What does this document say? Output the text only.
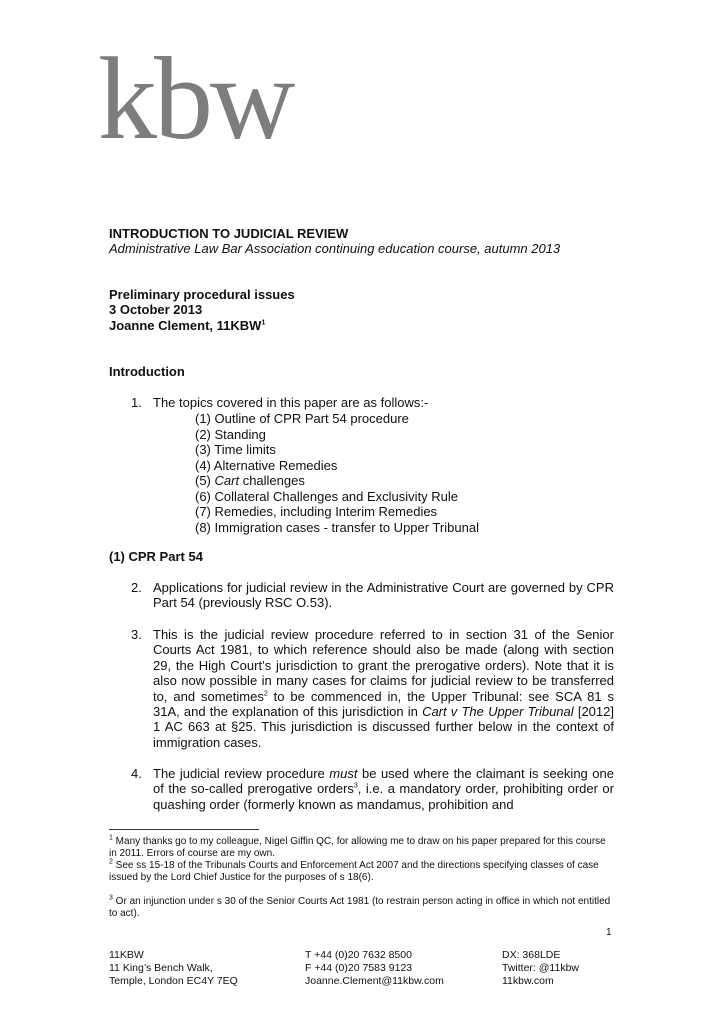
kbw
INTRODUCTION TO JUDICIAL REVIEW
Administrative Law Bar Association continuing education course, autumn 2013
Preliminary procedural issues
3 October 2013
Joanne Clement, 11KBW$^1$
Introduction
1. The topics covered in this paper are as follows:-
(1) Outline of CPR Part 54 procedure
(2) Standing
(3) Time limits
(4) Alternative Remedies
(5) Cart challenges
(6) Collateral Challenges and Exclusivity Rule
(7) Remedies, including Interim Remedies
(8) Immigration cases - transfer to Upper Tribunal
(1) CPR Part 54
2. Applications for judicial review in the Administrative Court are governed by CPR Part 54 (previously RSC O.53).
3. This is the judicial review procedure referred to in section 31 of the Senior Courts Act 1981, to which reference should also be made (along with section 29, the High Court’s jurisdiction to grant the prerogative orders). Note that it is also now possible in many cases for claims for judicial review to be transferred to, and sometimes$^2$ to be commenced in, the Upper Tribunal: see SCA 81 s 31A, and the explanation of this jurisdiction in Cart v The Upper Tribunal [2012] 1 AC 663 at §25. This jurisdiction is discussed further below in the context of immigration cases.
4. The judicial review procedure must be used where the claimant is seeking one of the so-called prerogative orders$^3$, i.e. a mandatory order, prohibiting order or quashing order (formerly known as mandamus, prohibition and
$^1$ Many thanks go to my colleague, Nigel Giffin QC, for allowing me to draw on his paper prepared for this course in 2011. Errors of course are my own.
$^2$ See ss 15-18 of the Tribunals Courts and Enforcement Act 2007 and the directions specifying classes of case issued by the Lord Chief Justice for the purposes of s 18(6).
$^3$ Or an injunction under s 30 of the Senior Courts Act 1981 (to restrain person acting in office in which not entitled to act).
1
11KBW
11 King’s Bench Walk,
Temple, London EC4Y 7EQ
T +44 (0)20 7632 8500
F +44 (0)20 7583 9123
Joanne.Clement@11kbw.com
DX: 368LDE
Twitter: @11kbw
11kbw.com
